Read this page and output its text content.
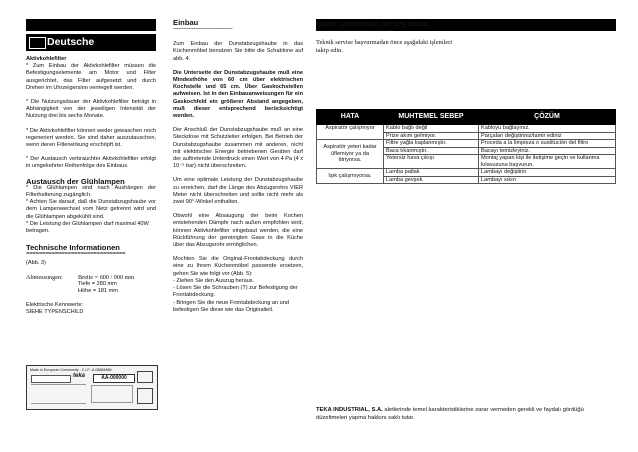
Deutsche

Aktivkohlefilter

* Zum Einbau der Aktivkohlefilter müssen die Befestigungselemente am Motor und Filter ausgerichtet, das Filter aufgesetzt und durch Drehen im Uhrzeigersinn verriegelt werden.

* Die Nutzungsdauer der Aktivkohlefilter beträgt in Abhängigkeit von der jeweiligen Intensität der Nutzung drei bis sechs Monate.

* Die Aktivkohlefilter können weder gewaschen noch regeneriert werden. Sie sind daher auszutauschen, wenn deren Filterwirkung erschöpft ist.

* Der Austausch verbrauchter Aktivkohlefilter erfolgt in umgekehrter Reihenfolge des Einbaus.

Austausch der Glühlampen

* Die Glühlampen sind nach Aushängen der Filterhalterung zugänglich.

* Achten Sie darauf, daß die Dunstabzugshaube vor dem Lampenwechsel vom Netz getrennt wird und die Glühlampen abgekühlt sind.

* Die Leistung der Glühlampen darf maximal 40W betragen.

Technische Informationen
===============================

(Abb. 3)

Abmessungen:	Breite = 600 / 900 mm

Tiefe = 280 mm

Höhe = 181 mm

Elektrische Kennwerte:

SIEHE TYPENSCHILD

Made in European Community - C.I.F.: A-08884866
teka	AA-000000
Einbau
-----------------------------------

Zum Einbau der Dunstabzugshaube in das Küchenmöbel benutzen Sie bitte die Schablone auf abb. 4.

Die Unterseite der Dunstabzugshaube muß eine Mindesthöhe von 60 cm über elektrischen Kochstelle und 65 cm. Über Gaskochstellen aufweisen. Ist in den Einbauanweisungen für ein Gaskochfeld ein größerer Abstand angegeben, muß dieser entsprechend berücksichtigt werden.

Der Anschluß der Dunstabzugshaube muß an eine Steckdose mit Schutzleiter erfolgen. Bei Betrieb der Dunstabzugshaube zusammen mit anderen, nicht mit elektrischer Energie betriebenen Geräten darf der auftretende Unterdruck einen Wert von 4 Pa (4 x 10⁻⁵ bar) nicht überschreiten.

Um eine optimale Leistung der Dunstabzugshaube zu erreichen, darf die Länge des Abzugsrohrs VIER Meter nicht überschreiten und sollte nicht mehr als zwei 90°-Winkel enthalten.

Obwohl eine Absaugung der beim Kochen entstehenden Dämpfe nach außen empfohlen wird, können Aktivkohlefilter eingebaut werden, die eine Rückführung der gereinigten Gase in die Küche über das Abzugsrohr ermöglichen.

Mochten Sie die Original-Frontabdeckung durch eine zu Ihrem Küchenmöbel passende ersetzen, gehen Sie wie folgt vor (Abb. 5):

- Ziehen Sie den Auszug heraus.

- Lösen Sie die Schrauben (T) zur Befestigung der Frontabdeckung.

- Bringen Sie die neue Frontabdeckung an und befestigen Sie diese wie das Originalteil.

Şayet çalışmayan bir şey varsa
========================

Teknik servise başvurmadan önce aşağıdaki işlemleri takip edin.

HATA	MUHTEMEL SEBEP	ÇÖZÜM
Aspiratör çalışmıyor	Kablo bağlı değil	Kabloyu bağlayınız.
	Prize akım gelmiyor.	Parçaları değiştiriniz/tamir ediniz
Aspiratör yeteri kadar ûflemiyor ya da titriyorsa.	Filtre yağla kaplanmıştır.	Proceda a la limpieza o sustitución del filtro
	Baca tıkanmıştır.	Bacayı temizleyiniz.
	Yetersiz hava çıkışı	Montaj yapan kişi ile iletişime geçin ve kullanma kılavuzuna başvurun.
Işık çalışmıyorsa.	Lamba patlak	Lambayı değiştirin
	Lamba gevşek	Lambayı sıkın

TEKA INDUSTRIAL, S.A. aletlerinde temel karakteristiklerine zarar vermeden gerekli ve faydalı gördüğü düzeltmeleri yapma hakkını saklı tutar.
